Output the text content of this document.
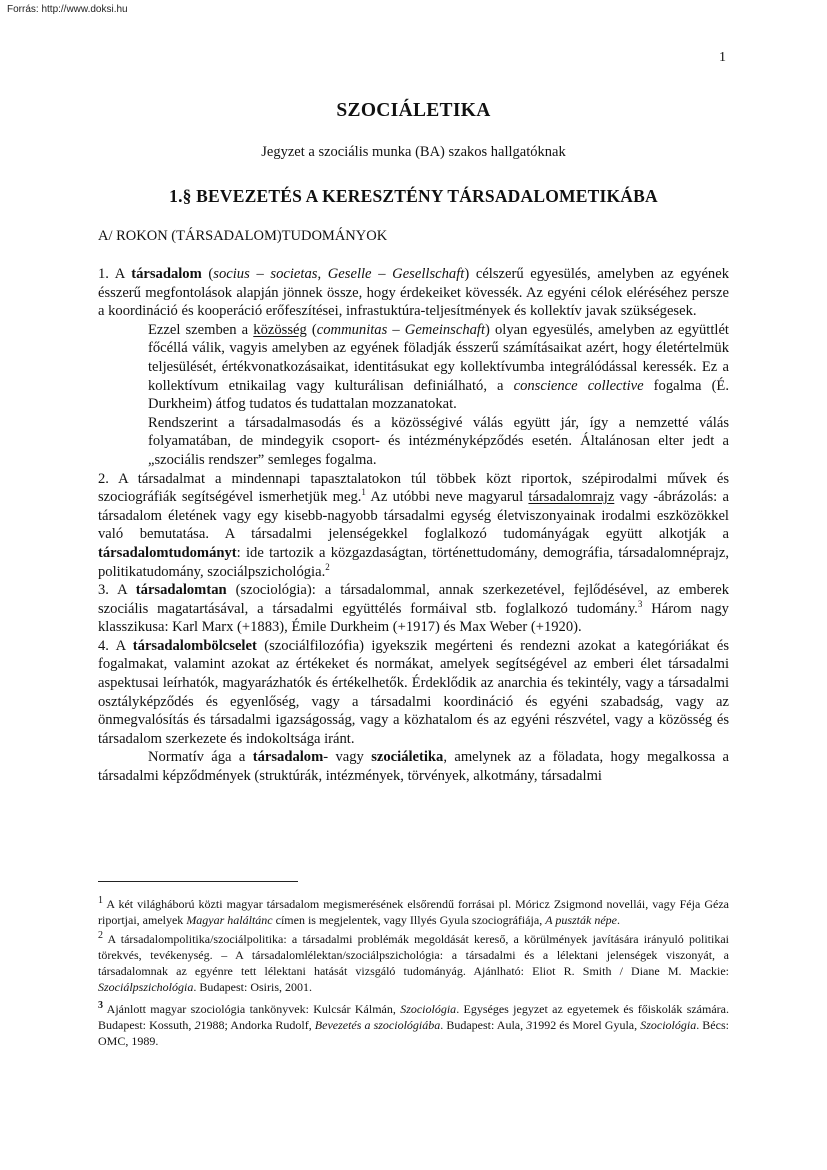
Forrás: http://www.doksi.hu
1
SZOCIÁLETIKA
Jegyzet a szociális munka (BA) szakos hallgatóknak
1.§ BEVEZETÉS A KERESZTÉNY TÁRSADALOMETIKÁBA
A/ ROKON (TÁRSADALOM)TUDOMÁNYOK

1. A társadalom (socius – societas, Geselle – Gesellschaft) célszerű egyesülés, amelyben az egyének ésszerű megfontolások alapján jönnek össze, hogy érdekeiket kövessék. Az egyéni célok eléréséhez persze a koordináció és kooperáció erőfeszítései, infrastuktúra-teljesítmények és kollektív javak szükségesek.

Ezzel szemben a közösség (communitas – Gemeinschaft) olyan egyesülés, amelyben az együttlét főcéllá válik, vagyis amelyben az egyének föladják ésszerű számításaikat azért, hogy életértelmük teljesülését, értékvonatkozásaikat, identitásukat egy kollektívumba integrálódással keressék. Ez a kollektívum etnikailag vagy kulturálisan definiálható, a conscience collective fogalma (É. Durkheim) átfog tudatos és tudattalan mozzanatokat.

Rendszerint a társadalmasodás és a közösségivé válás együtt jár, így a nemzetté válás folyamatában, de mindegyik csoport- és intézményképződés esetén. Általánosan elter jedt a „szociális rendszer” semleges fogalma.

2. A társadalmat a mindennapi tapasztalatokon túl többek közt riportok, szépirodalmi művek és szociográfiák segítségével ismerhetjük meg.$^1$ Az utóbbi neve magyarul társadalomrajz vagy -ábrázolás: a társadalom életének vagy egy kisebb-nagyobb társadalmi egység életviszonyainak irodalmi eszközökkel való bemutatása. A társadalmi jelenségekkel foglalkozó tudományágak együtt alkotják a társadalomtudományt: ide tartozik a közgazdaságtan, történettudomány, demográfia, társadalomnéprajz, politikatudomány, szociálpszichológia.$^2$

3. A társadalomtan (szociológia): a társadalommal, annak szerkezetével, fejlődésével, az emberek szociális magatartásával, a társadalmi együttélés formáival stb. foglalkozó tudomány.$^3$ Három nagy klasszikusa: Karl Marx (+1883), Émile Durkheim (+1917) és Max Weber (+1920).

4. A társadalombölcselet (szociálfilozófia) igyekszik megérteni és rendezni azokat a kategóriákat és fogalmakat, valamint azokat az értékeket és normákat, amelyek segítségével az emberi élet társadalmi aspektusai leírhatók, magyarázhatók és értékelhetők. Érdeklődik az anarchia és tekintély, vagy a társadalmi osztályképződés és egyenlőség, vagy a társadalmi koordináció és egyéni szabadság, vagy az önmegvalósítás és társadalmi igazságosság, vagy a közhatalom és az egyéni részvétel, vagy a közösség és társadalom szerkezete és indokoltsága iránt.

Normatív ága a társadalom- vagy szociáletika, amelynek az a föladata, hogy megalkossa a társadalmi képződmények (struktúrák, intézmények, törvények, alkotmány, társadalmi

$^1$ A két világháború közti magyar társadalom megismerésének elsőrendű forrásai pl. Móricz Zsigmond novellái, vagy Féja Géza riportjai, amelyek Magyar haláltánc címen is megjelentek, vagy Illyés Gyula szociográfiája, A puszták népe.

$^2$ A társadalompolitika/szociálpolitika: a társadalmi problémák megoldását kereső, a körülmények javítására irányuló politikai törekvés, tevékenység. – A társadalomlélektan/szociálpszichológia: a társadalmi és a lélektani jelenségek viszonyát, a társadalomnak az egyénre tett lélektani hatását vizsgáló tudományág. Ajánlható: Eliot R. Smith / Diane M. Mackie: Szociálpszichológia. Budapest: Osiris, 2001.

$^3$ Ajánlott magyar szociológia tankönyvek: Kulcsár Kálmán, Szociológia. Egységes jegyzet az egyetemek és főiskolák számára. Budapest: Kossuth, 21988; Andorka Rudolf, Bevezetés a szociológiába. Budapest: Aula, 31992 és Morel Gyula, Szociológia. Bécs: OMC, 1989.
